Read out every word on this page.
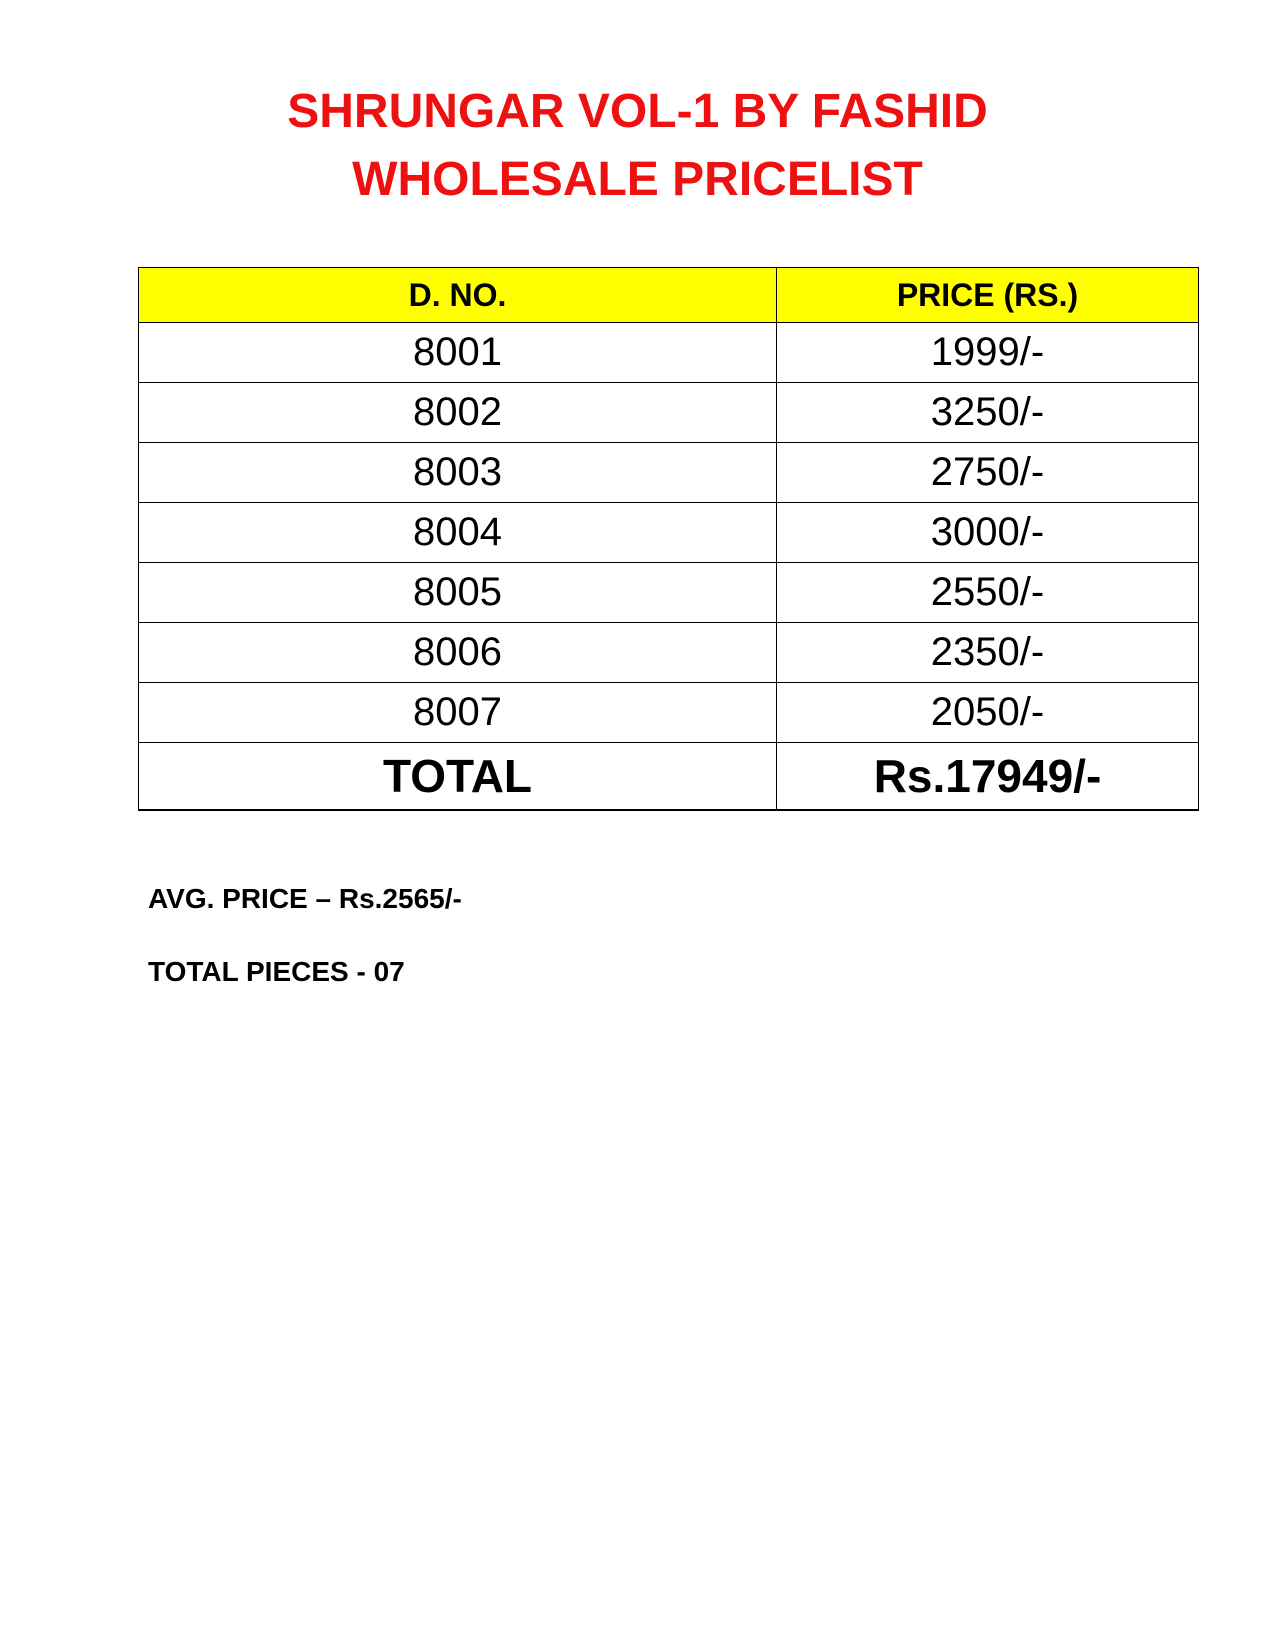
SHRUNGAR VOL-1 BY FASHID
WHOLESALE PRICELIST
D. NO.	PRICE (RS.)
8001	1999/-
8002	3250/-
8003	2750/-
8004	3000/-
8005	2550/-
8006	2350/-
8007	2050/-
TOTAL	Rs.17949/-
AVG. PRICE – Rs.2565/-
TOTAL PIECES - 07
